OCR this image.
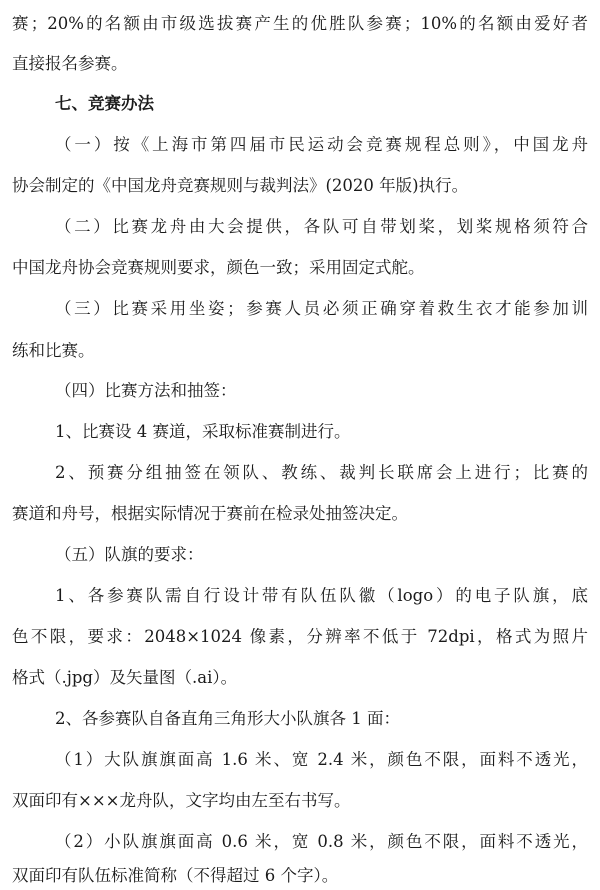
赛；20%的名额由市级选拔赛产生的优胜队参赛；10%的名额由爱好者
直接报名参赛。
七、竞赛办法
（一）按《上海市第四届市民运动会竞赛规程总则》，中国龙舟
协会制定的《中国龙舟竞赛规则与裁判法》(2020 年版)执行。
（二）比赛龙舟由大会提供，各队可自带划桨，划桨规格须符合
中国龙舟协会竞赛规则要求，颜色一致；采用固定式舵。
（三）比赛采用坐姿；参赛人员必须正确穿着救生衣才能参加训
练和比赛。
（四）比赛方法和抽签：
1、比赛设 4 赛道，采取标准赛制进行。
2、预赛分组抽签在领队、教练、裁判长联席会上进行；比赛的
赛道和舟号，根据实际情况于赛前在检录处抽签决定。
（五）队旗的要求：
1、各参赛队需自行设计带有队伍队徽（logo）的电子队旗，底
色不限，要求：2048×1024 像素，分辨率不低于 72dpi，格式为照片
格式（.jpg）及矢量图（.ai）。
2、各参赛队自备直角三角形大小队旗各 1 面：
（1）大队旗旗面高 1.6 米、宽 2.4 米，颜色不限，面料不透光，
双面印有×××龙舟队，文字均由左至右书写。
（2）小队旗旗面高 0.6 米，宽 0.8 米，颜色不限，面料不透光，
双面印有队伍标准简称（不得超过 6 个字）。
